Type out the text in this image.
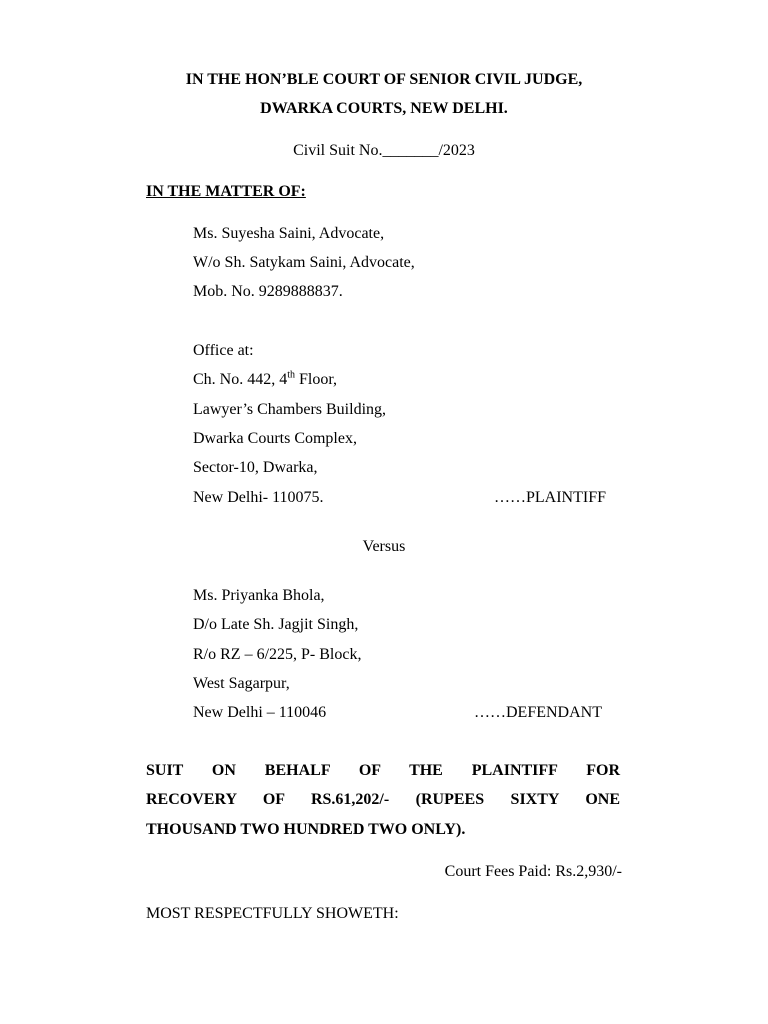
IN THE HON’BLE COURT OF SENIOR CIVIL JUDGE,
DWARKA COURTS, NEW DELHI.
Civil Suit No._______/2023
IN THE MATTER OF:
Ms. Suyesha Saini, Advocate,
W/o Sh. Satykam Saini, Advocate,
Mob. No. 9289888837.
Office at:
Ch. No. 442, 4th Floor,
Lawyer’s Chambers Building,
Dwarka Courts Complex,
Sector-10, Dwarka,
New Delhi- 110075.	……PLAINTIFF
Versus
Ms. Priyanka Bhola,
D/o Late Sh. Jagjit Singh,
R/o RZ – 6/225, P- Block,
West Sagarpur,
New Delhi – 110046	……DEFENDANT
SUIT ON BEHALF OF THE PLAINTIFF FOR
RECOVERY OF RS.61,202/- (RUPEES SIXTY ONE
THOUSAND TWO HUNDRED TWO ONLY).
Court Fees Paid: Rs.2,930/-
MOST RESPECTFULLY SHOWETH:
